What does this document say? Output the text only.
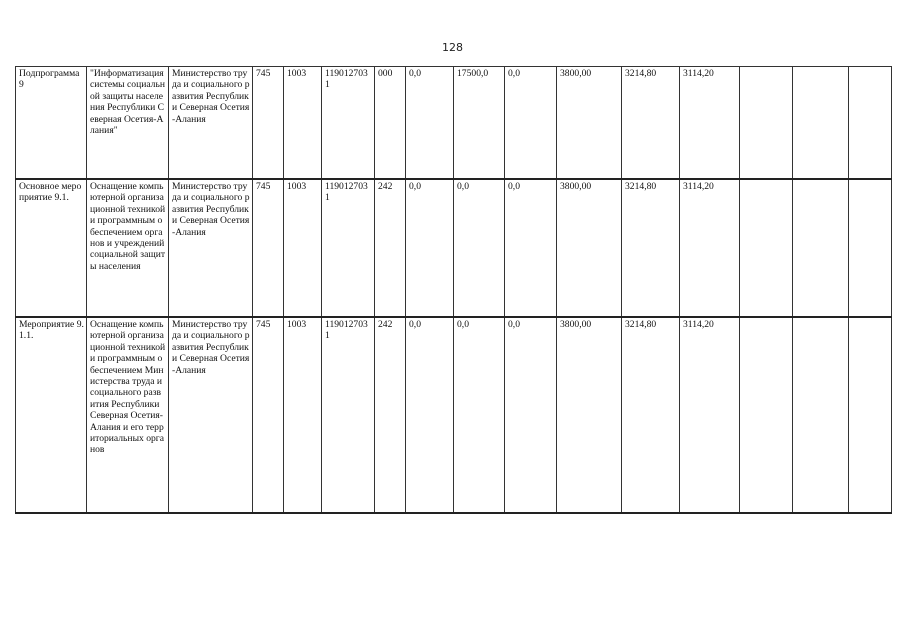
128
Подпрограмма 9	"Информатизация системы социальной защиты населения Республики Северная Осетия-Алания"	Министерство труда и социального развития Республики Северная Осетия-Алания	745	1003	1190127031	000	0,0	17500,0	0,0	3800,00	3214,80	3114,20			
Основное мероприятие 9.1.	Оснащение компьютерной организационной техникой и программным обеспечением органов и учреждений социальной защиты населения	Министерство труда и социального развития Республики Северная Осетия-Алания	745	1003	1190127031	242	0,0	0,0	0,0	3800,00	3214,80	3114,20			
Мероприятие 9.1.1.	Оснащение компьютерной организационной техникой и программным обеспечением Министерства труда и социального развития Республики Северная Осетия-Алания и его территориальных органов	Министерство труда и социального развития Республики Северная Осетия-Алания	745	1003	1190127031	242	0,0	0,0	0,0	3800,00	3214,80	3114,20			
